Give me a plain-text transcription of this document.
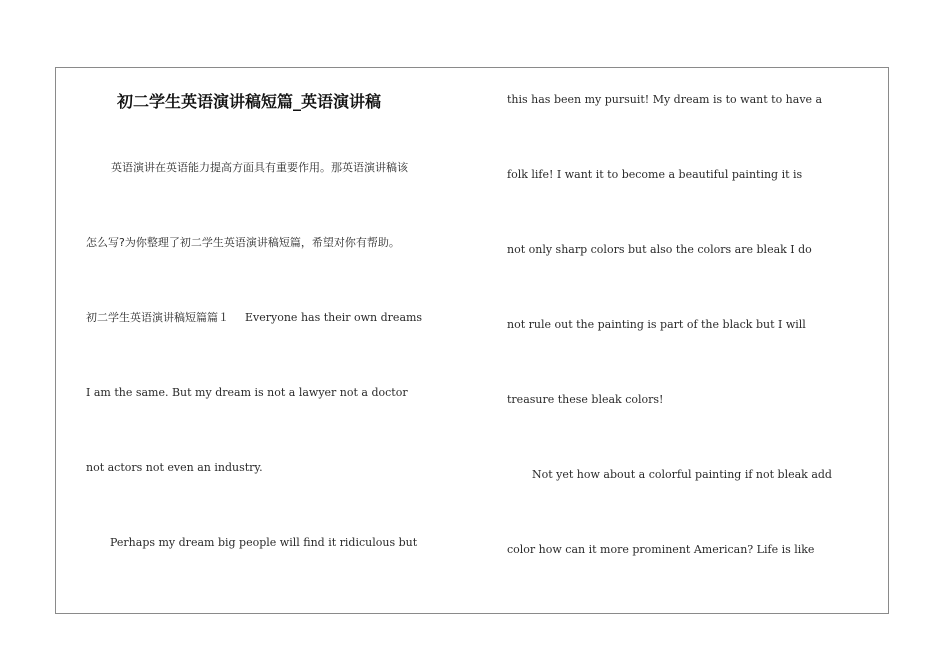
初二学生英语演讲稿短篇_英语演讲稿
英语演讲在英语能力提高方面具有重要作用。那英语演讲稿该
怎么写?为你整理了初二学生英语演讲稿短篇，希望对你有帮助。
初二学生英语演讲稿短篇篇１ Everyone has their own dreams
I am the same. But my dream is not a lawyer not a doctor
not actors not even an industry.
Perhaps my dream big people will find it ridiculous but
this has been my pursuit! My dream is to want to have a
folk life! I want it to become a beautiful painting it is
not only sharp colors but also the colors are bleak I do
not rule out the painting is part of the black but I will
treasure these bleak colors!
Not yet how about a colorful painting if not bleak add
color how can it more prominent American? Life is like
